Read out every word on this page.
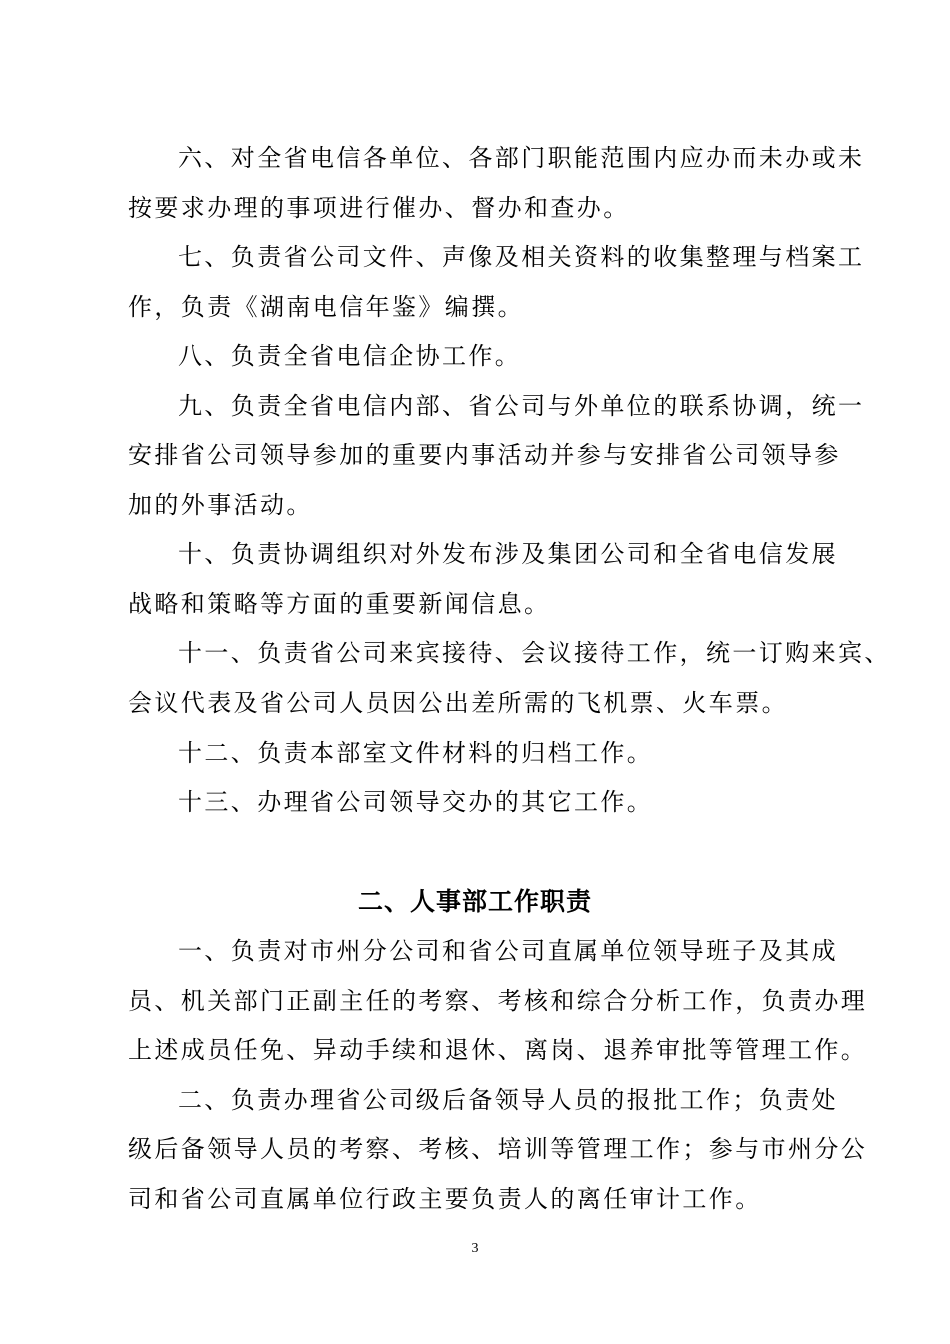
六、对全省电信各单位、各部门职能范围内应办而未办或未
按要求办理的事项进行催办、督办和查办。
七、负责省公司文件、声像及相关资料的收集整理与档案工
作，负责《湖南电信年鉴》编撰。
八、负责全省电信企协工作。
九、负责全省电信内部、省公司与外单位的联系协调，统一
安排省公司领导参加的重要内事活动并参与安排省公司领导参
加的外事活动。
十、负责协调组织对外发布涉及集团公司和全省电信发展
战略和策略等方面的重要新闻信息。
十一、负责省公司来宾接待、会议接待工作，统一订购来宾、
会议代表及省公司人员因公出差所需的飞机票、火车票。
十二、负责本部室文件材料的归档工作。
十三、办理省公司领导交办的其它工作。
二、人事部工作职责
一、负责对市州分公司和省公司直属单位领导班子及其成
员、机关部门正副主任的考察、考核和综合分析工作，负责办理
上述成员任免、异动手续和退休、离岗、退养审批等管理工作。
二、负责办理省公司级后备领导人员的报批工作；负责处
级后备领导人员的考察、考核、培训等管理工作；参与市州分公
司和省公司直属单位行政主要负责人的离任审计工作。
3
